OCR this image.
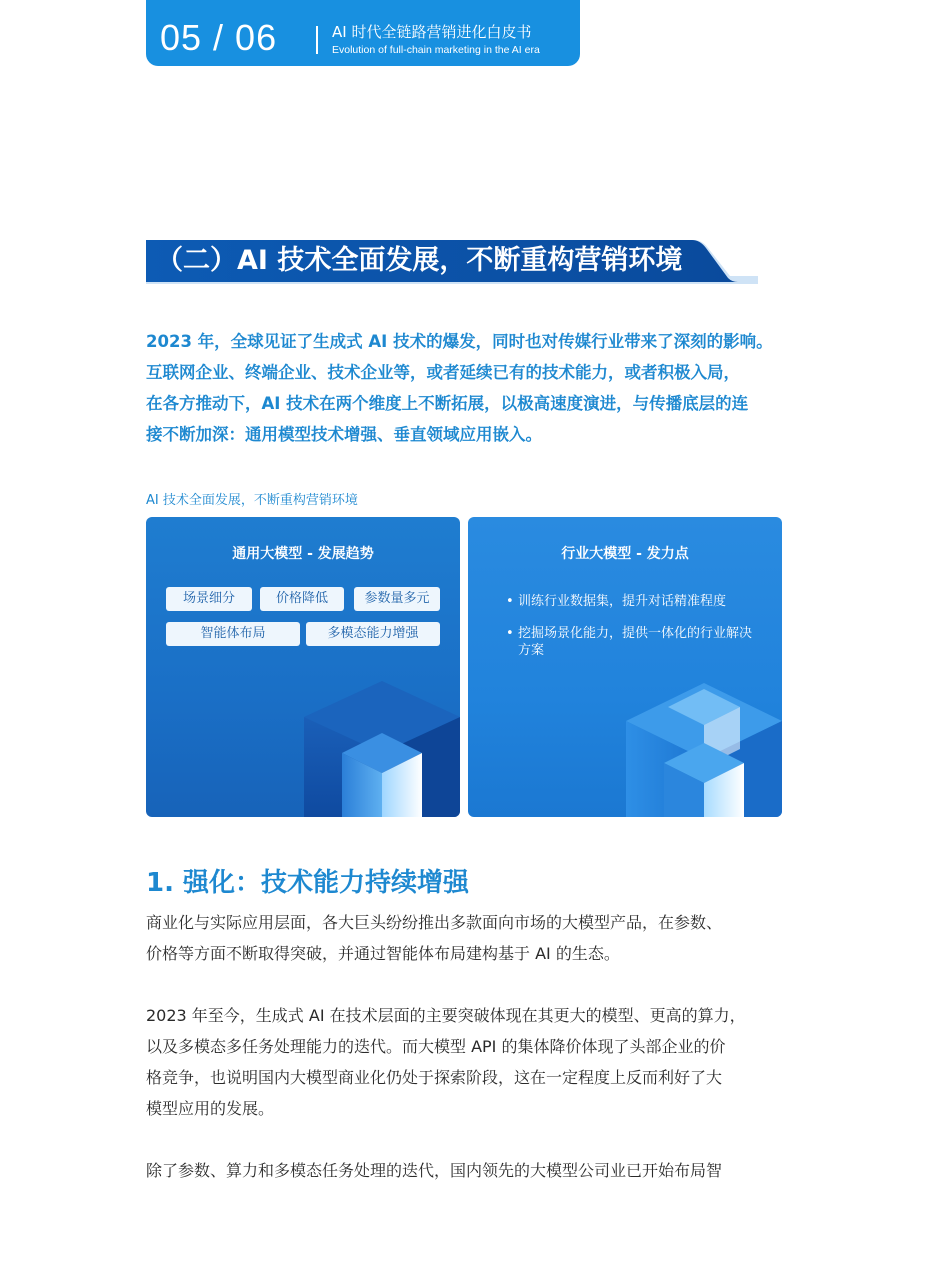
05 / 06	AI 时代全链路营销进化白皮书
Evolution of full-chain marketing in the AI era
（二）AI 技术全面发展，不断重构营销环境

2023 年，全球见证了生成式 AI 技术的爆发，同时也对传媒行业带来了深刻的影响。

互联网企业、终端企业、技术企业等，或者延续已有的技术能力，或者积极入局，

在各方推动下，AI 技术在两个维度上不断拓展，以极高速度演进，与传播底层的连

接不断加深：通用模型技术增强、垂直领域应用嵌入。

AI 技术全面发展，不断重构营销环境
通用大模型 - 发展趋势
场景细分	价格降低	参数量多元
智能体布局	多模态能力增强
行业大模型 - 发力点
• 训练行业数据集，提升对话精准程度
• 挖掘场景化能力，提供一体化的行业解决方案
1. 强化：技术能力持续增强

商业化与实际应用层面，各大巨头纷纷推出多款面向市场的大模型产品，在参数、

价格等方面不断取得突破，并通过智能体布局建构基于 AI 的生态。

2023 年至今，生成式 AI 在技术层面的主要突破体现在其更大的模型、更高的算力，

以及多模态多任务处理能力的迭代。而大模型 API 的集体降价体现了头部企业的价

格竞争，也说明国内大模型商业化仍处于探索阶段，这在一定程度上反而利好了大

模型应用的发展。

除了参数、算力和多模态任务处理的迭代，国内领先的大模型公司业已开始布局智
